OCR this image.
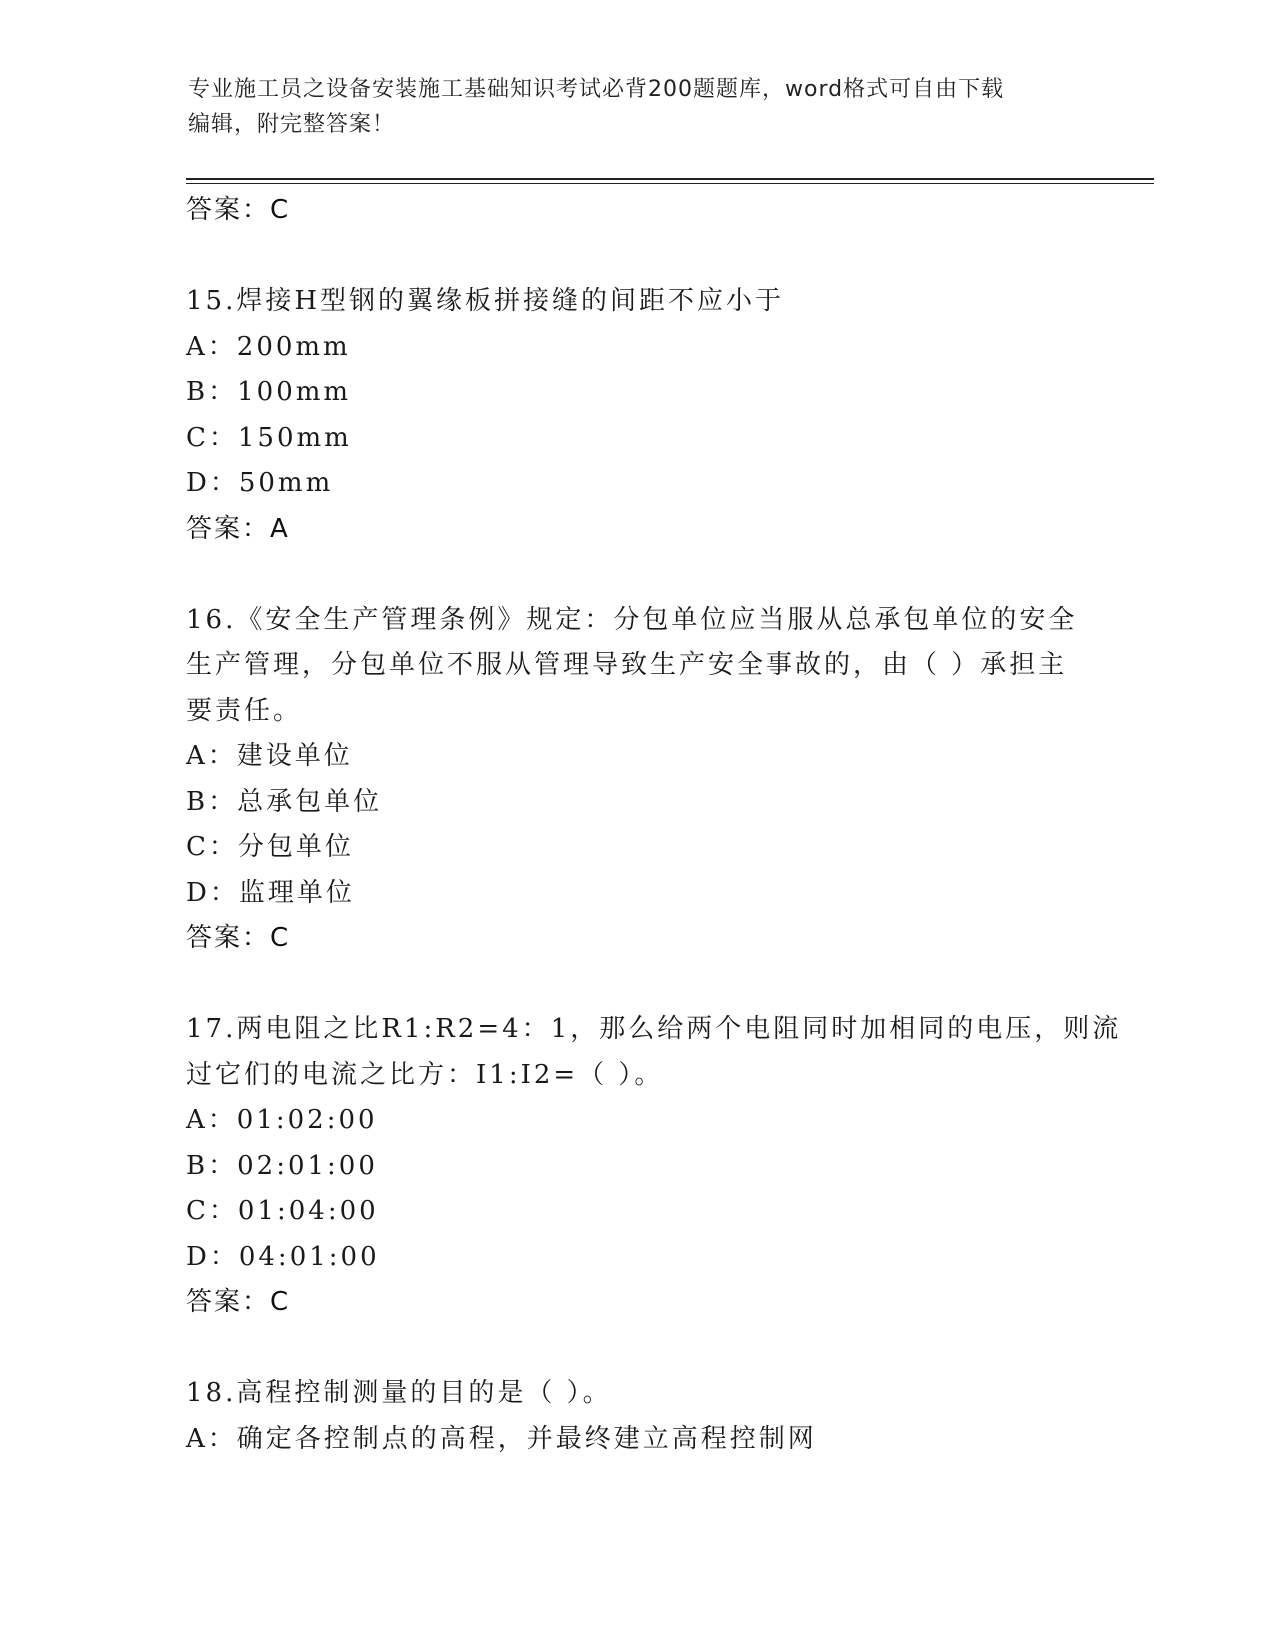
专业施工员之设备安装施工基础知识考试必背200题题库，word格式可自由下载
编辑，附完整答案！
答案：C
15.焊接H型钢的翼缘板拼接缝的间距不应小于
A：200mm
B：100mm
C：150mm
D：50mm
答案：A
16.《安全生产管理条例》规定：分包单位应当服从总承包单位的安全
生产管理，分包单位不服从管理导致生产安全事故的，由（ ）承担主
要责任。
A：建设单位
B：总承包单位
C：分包单位
D：监理单位
答案：C
17.两电阻之比R1:R2=4：1，那么给两个电阻同时加相同的电压，则流
过它们的电流之比方：I1:I2=（ ）。
A：01:02:00
B：02:01:00
C：01:04:00
D：04:01:00
答案：C
18.高程控制测量的目的是（ ）。
A：确定各控制点的高程，并最终建立高程控制网
